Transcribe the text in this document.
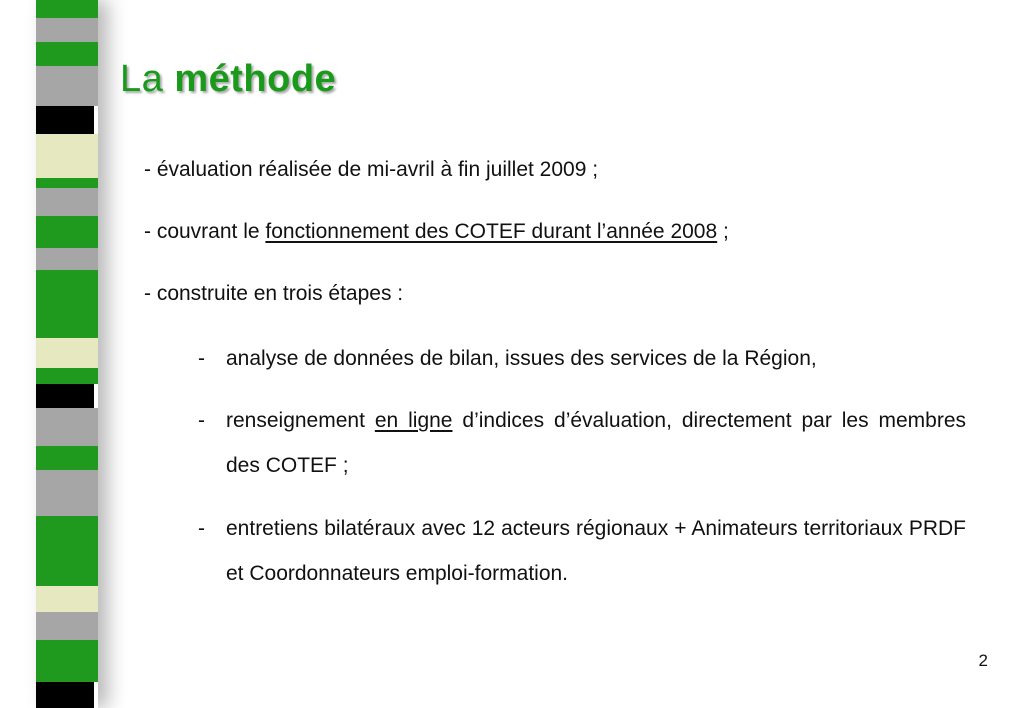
La méthode

- évaluation réalisée de mi-avril à fin juillet 2009 ;

- couvrant le fonctionnement des COTEF durant l’année 2008 ;

- construite en trois étapes :

- analyse de données de bilan, issues des services de la Région,
- renseignement en ligne d’indices d’évaluation, directement par les membres des COTEF ;
- entretiens bilatéraux avec 12 acteurs régionaux + Animateurs territoriaux PRDF et Coordonnateurs emploi-formation.
2
